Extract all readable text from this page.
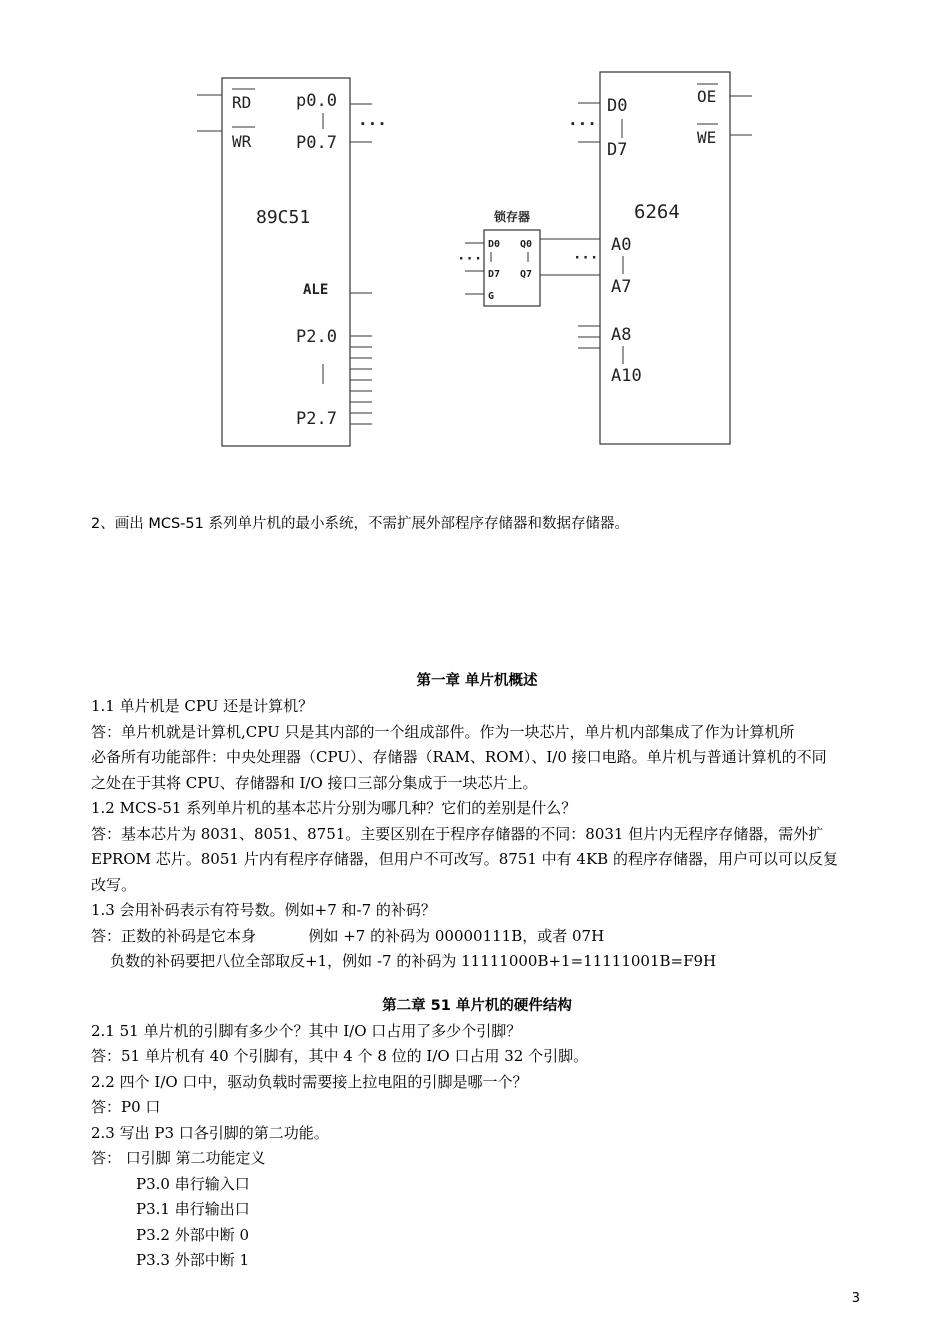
RD
WR
p0.0
P0.7
···
89C51
ALE
P2.0
P2.7
锁存器
D0 Q0
D7 Q7
G
···	···
D0
D7
···
OE
WE
6264
A0
A7
A8
A10
2、画出 MCS-51 系列单片机的最小系统，不需扩展外部程序存储器和数据存储器。
第一章 单片机概述

1.1 单片机是 CPU 还是计算机？

答：单片机就是计算机,CPU 只是其内部的一个组成部件。作为一块芯片，单片机内部集成了作为计算机所

必备所有功能部件：中央处理器（CPU）、存储器（RAM、ROM）、I/0 接口电路。单片机与普通计算机的不同

之处在于其将 CPU、存储器和 I/O 接口三部分集成于一块芯片上。

1.2 MCS-51 系列单片机的基本芯片分别为哪几种？它们的差别是什么？

答：基本芯片为 8031、8051、8751。主要区别在于程序存储器的不同：8031 但片内无程序存储器，需外扩

EPROM 芯片。8051 片内有程序存储器，但用户不可改写。8751 中有 4KB 的程序存储器，用户可以可以反复

改写。

1.3 会用补码表示有符号数。例如+7 和-7 的补码？

答：正数的补码是它本身           例如 +7 的补码为 00000111B，或者 07H

负数的补码要把八位全部取反+1，例如 -7 的补码为 11111000B+1=11111001B=F9H

第二章 51 单片机的硬件结构

2.1 51 单片机的引脚有多少个？其中 I/O 口占用了多少个引脚？

答：51 单片机有 40 个引脚有，其中 4 个 8 位的 I/O 口占用 32 个引脚。

2.2 四个 I/O 口中，驱动负载时需要接上拉电阻的引脚是哪一个？

答：P0 口

2.3 写出 P3 口各引脚的第二功能。

答： 口引脚 第二功能定义

P3.0 串行输入口

P3.1 串行输出口

P3.2 外部中断 0

P3.3 外部中断 1

3
